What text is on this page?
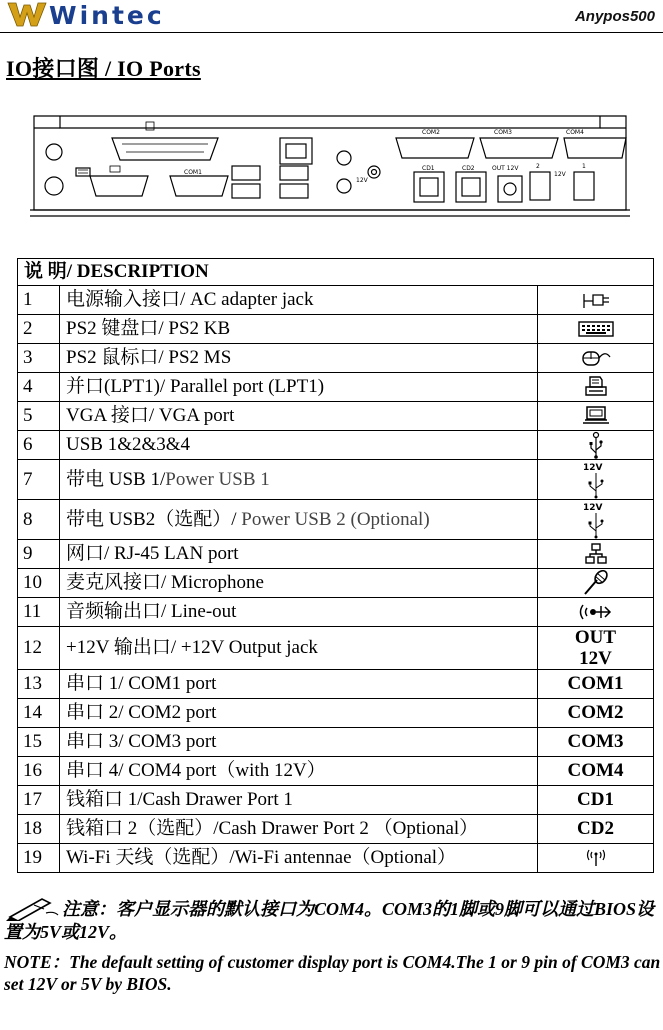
Wintec	Anypos500
IO接口图 / IO Ports
COM2	COM3	COM4
COM1
CD1	CD2	OUT 12V	2	1
12V
12V
说 明/ DESCRIPTION		
1	电源输入接口/ AC adapter jack	
2	PS2 键盘口/ PS2 KB	
3	PS2 鼠标口/ PS2 MS	
4	并口(LPT1)/ Parallel port (LPT1)	
5	VGA 接口/ VGA port	
6	USB 1&2&3&4	
7	带电 USB 1/Power USB 1	12V

8	带电 USB2（选配）/ Power USB 2 (Optional)	12V

9	网口/ RJ-45 LAN port	
10	麦克风接口/ Microphone	
11	音频输出口/ Line-out	
12	+12V 输出口/ +12V Output jack	OUT
12V

13	串口 1/ COM1 port	COM1
14	串口 2/ COM2 port	COM2
15	串口 3/ COM3 port	COM3
16	串口 4/ COM4 port（with 12V）	COM4
17	钱箱口 1/Cash Drawer Port 1	CD1
18	钱箱口 2（选配）/Cash Drawer Port 2 （Optional）	CD2
19	Wi-Fi 天线（选配）/Wi-Fi antennae（Optional）	

注意：客户显示器的默认接口为COM4。COM3的1脚或9脚可以通过BIOS设置为5V或12V。

NOTE：The default setting of customer display port is COM4.The 1 or 9 pin of COM3 can set 12V or 5V by BIOS.
